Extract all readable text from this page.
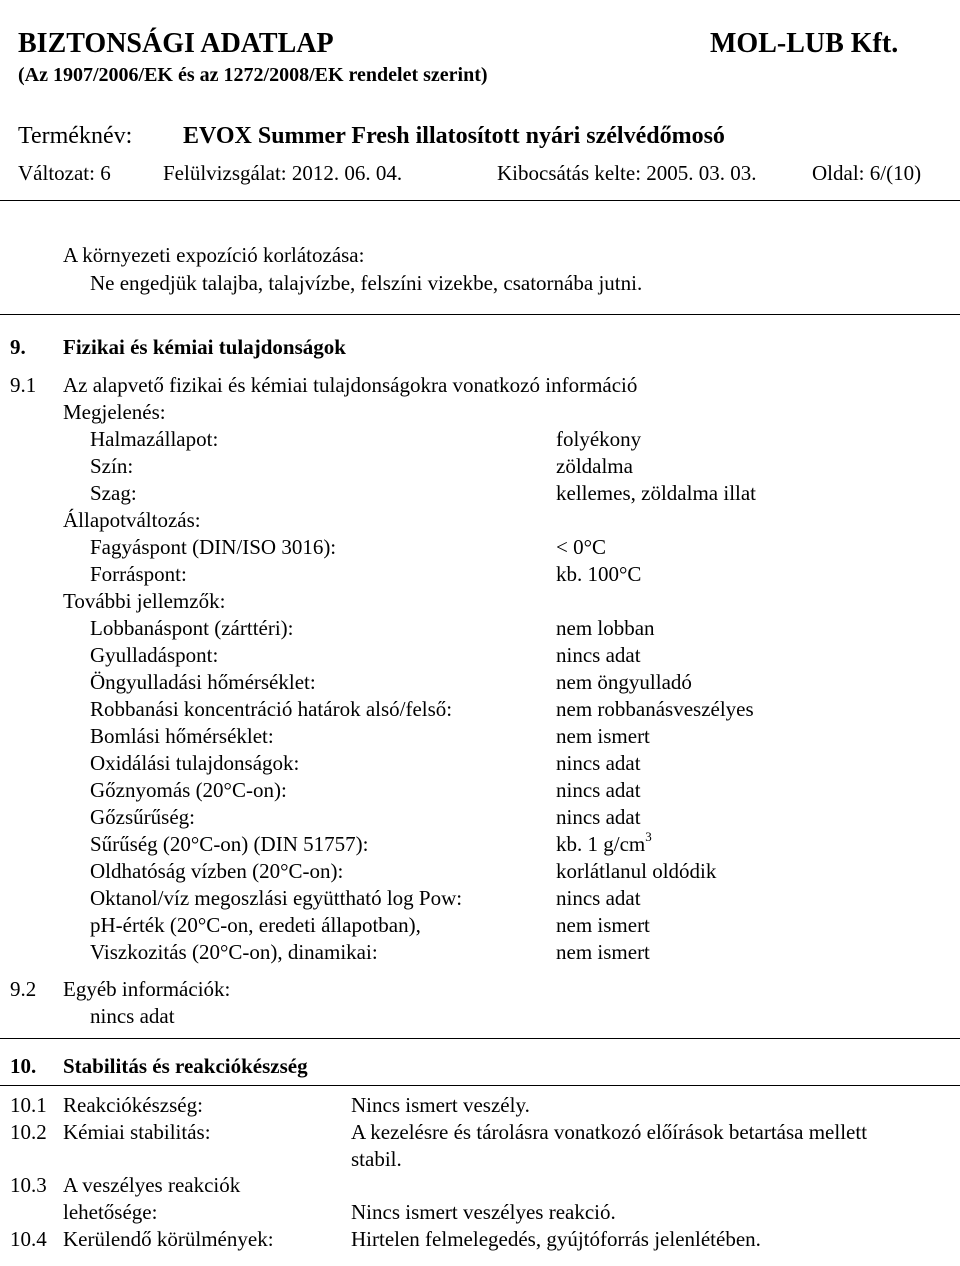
BIZTONSÁGI ADATLAP	MOL-LUB Kft.
(Az 1907/2006/EK és az 1272/2008/EK rendelet szerint)
Terméknév: EVOX Summer Fresh illatosított nyári szélvédőmosó
Változat: 6 Felülvizsgálat: 2012. 06. 04.	Kibocsátás kelte: 2005. 03. 03.	Oldal: 6/(10)
A környezeti expozíció korlátozása:
Ne engedjük talajba, talajvízbe, felszíni vizekbe, csatornába jutni.
9. Fizikai és kémiai tulajdonságok
9.1 Az alapvető fizikai és kémiai tulajdonságokra vonatkozó információ
Megjelenés:
Halmazállapot:	folyékony
Szín:	zöldalma
Szag:	kellemes, zöldalma illat
Állapotváltozás:
Fagyáspont (DIN/ISO 3016):	< 0°C
Forráspont:	kb. 100°C
További jellemzők:
Lobbanáspont (zárttéri):	nem lobban
Gyulladáspont:	nincs adat
Öngyulladási hőmérséklet:	nem öngyulladó
Robbanási koncentráció határok alsó/felső:	nem robbanásveszélyes
Bomlási hőmérséklet:	nem ismert
Oxidálási tulajdonságok:	nincs adat
Gőznyomás (20°C-on):	nincs adat
Gőzsűrűség:	nincs adat
Sűrűség (20°C-on) (DIN 51757):	kb. 1 $g/cm^3$
Oldhatóság vízben (20°C-on):	korlátlanul oldódik
Oktanol/víz megoszlási együttható log Pow:	nincs adat
pH-érték (20°C-on, eredeti állapotban),	nem ismert
Viszkozitás (20°C-on), dinamikai:	nem ismert
9.2 Egyéb információk:
nincs adat
10. Stabilitás és reakciókészség
10.1 Reakciókészség:	Nincs ismert veszély.
10.2 Kémiai stabilitás:	A kezelésre és tárolásra vonatkozó előírások betartása mellett
stabil.
10.3 A veszélyes reakciók
lehetősége:	Nincs ismert veszélyes reakció.
10.4 Kerülendő körülmények:	Hirtelen felmelegedés, gyújtóforrás jelenlétében.
